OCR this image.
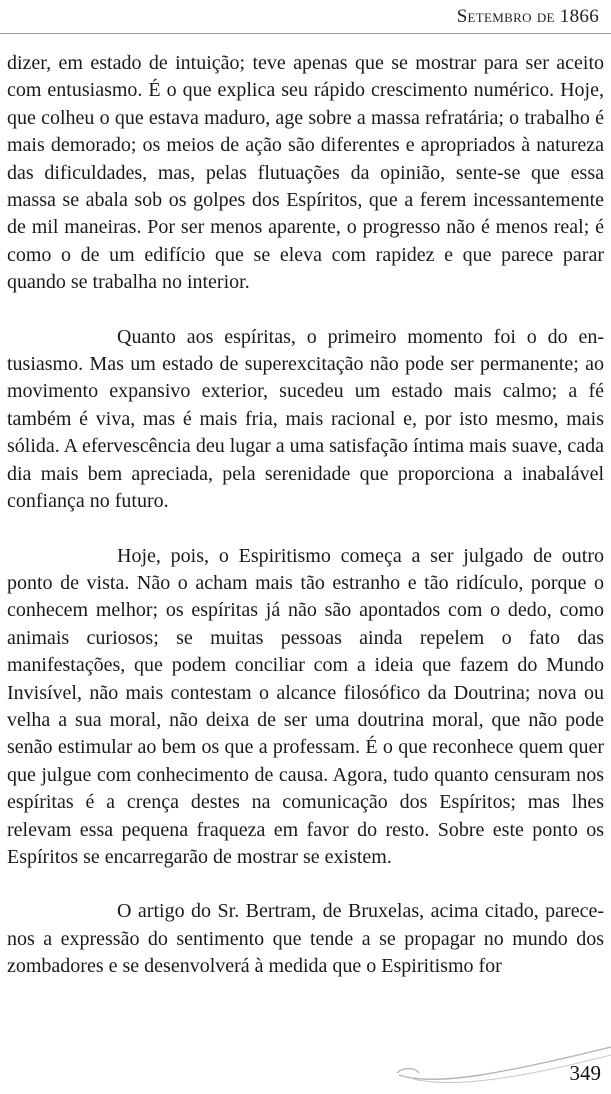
Setembro de 1866

dizer, em estado de intuição; teve apenas que se mostrar para ser aceito com entusiasmo. É o que explica seu rápido crescimento numérico. Hoje, que colheu o que estava maduro, age sobre a massa refratária; o trabalho é mais demorado; os meios de ação são diferentes e apropriados à natureza das dificuldades, mas, pelas flutuações da opinião, sente-se que essa massa se abala sob os golpes dos Espíritos, que a ferem incessantemente de mil maneiras. Por ser menos aparente, o progresso não é menos real; é como o de um edifício que se eleva com rapidez e que parece parar quando se trabalha no interior.

Quanto aos espíritas, o primeiro momento foi o do entusiasmo. Mas um estado de superexcitação não pode ser permanente; ao movimento expansivo exterior, sucedeu um estado mais calmo; a fé também é viva, mas é mais fria, mais racional e, por isto mesmo, mais sólida. A efervescência deu lugar a uma satisfação íntima mais suave, cada dia mais bem apreciada, pela serenidade que proporciona a inabalável confiança no futuro.

Hoje, pois, o Espiritismo começa a ser julgado de outro ponto de vista. Não o acham mais tão estranho e tão ridículo, porque o conhecem melhor; os espíritas já não são apontados com o dedo, como animais curiosos; se muitas pessoas ainda repelem o fato das manifestações, que podem conciliar com a ideia que fazem do Mundo Invisível, não mais contestam o alcance filosófico da Doutrina; nova ou velha a sua moral, não deixa de ser uma doutrina moral, que não pode senão estimular ao bem os que a professam. É o que reconhece quem quer que julgue com conhecimento de causa. Agora, tudo quanto censuram nos espíritas é a crença destes na comunicação dos Espíritos; mas lhes relevam essa pequena fraqueza em favor do resto. Sobre este ponto os Espíritos se encarregarão de mostrar se existem.

O artigo do Sr. Bertram, de Bruxelas, acima citado, parece-nos a expressão do sentimento que tende a se propagar no mundo dos zombadores e se desenvolverá à medida que o Espiritismo for

349
